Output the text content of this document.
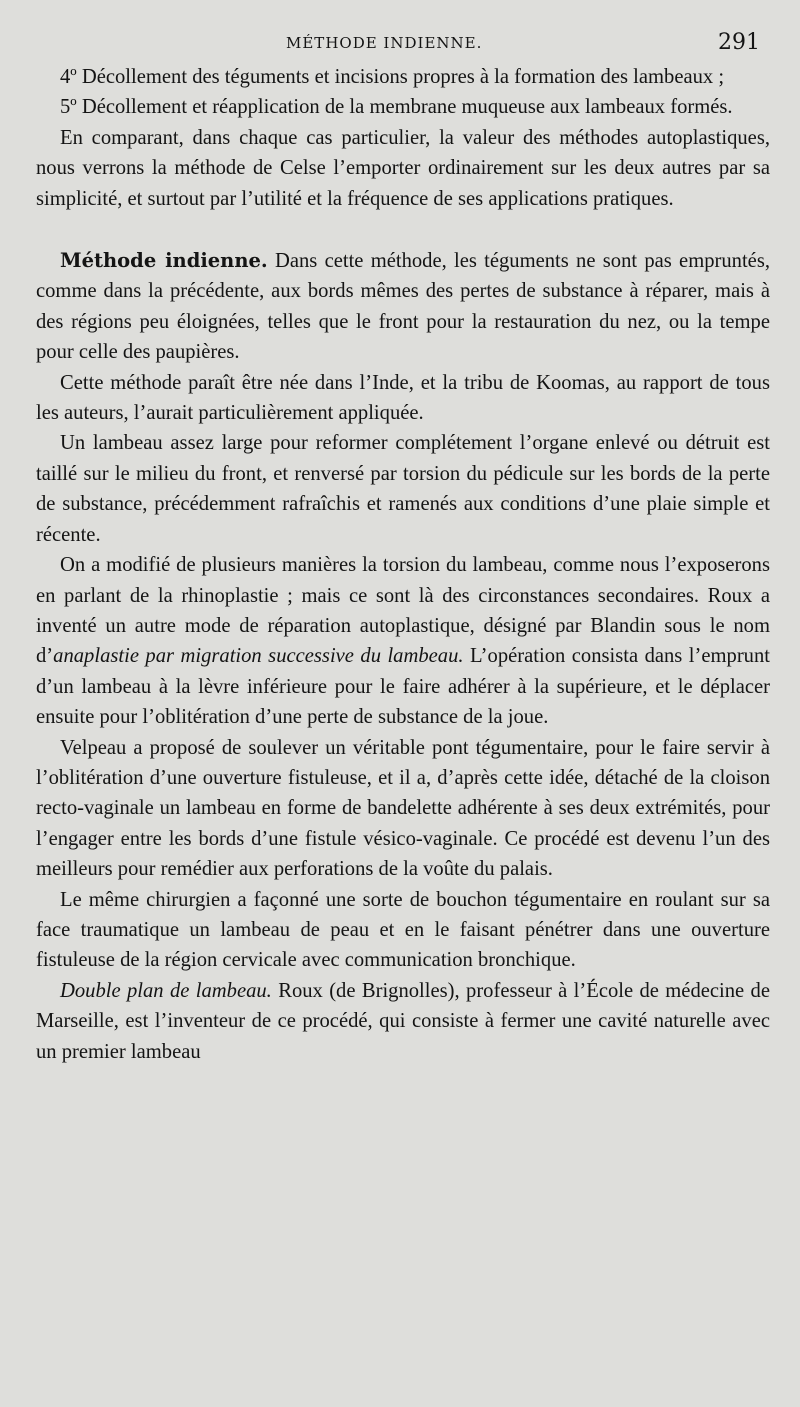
MÉTHODE INDIENNE.	291

4º Décollement des téguments et incisions propres à la formation des lambeaux ;

5º Décollement et réapplication de la membrane muqueuse aux lambeaux formés.

En comparant, dans chaque cas particulier, la valeur des méthodes autoplastiques, nous verrons la méthode de Celse l’emporter ordinairement sur les deux autres par sa simplicité, et surtout par l’utilité et la fréquence de ses applications pratiques.

Méthode indienne. Dans cette méthode, les téguments ne sont pas empruntés, comme dans la précédente, aux bords mêmes des pertes de substance à réparer, mais à des régions peu éloignées, telles que le front pour la restauration du nez, ou la tempe pour celle des paupières.

Cette méthode paraît être née dans l’Inde, et la tribu de Koomas, au rapport de tous les auteurs, l’aurait particulièrement appliquée.

Un lambeau assez large pour reformer complétement l’organe enlevé ou détruit est taillé sur le milieu du front, et renversé par torsion du pédicule sur les bords de la perte de substance, précédemment rafraîchis et ramenés aux conditions d’une plaie simple et récente.

On a modifié de plusieurs manières la torsion du lambeau, comme nous l’exposerons en parlant de la rhinoplastie ; mais ce sont là des circonstances secondaires. Roux a inventé un autre mode de réparation autoplastique, désigné par Blandin sous le nom d’anaplastie par migration successive du lambeau. L’opération consista dans l’emprunt d’un lambeau à la lèvre inférieure pour le faire adhérer à la supérieure, et le déplacer ensuite pour l’oblitération d’une perte de substance de la joue.

Velpeau a proposé de soulever un véritable pont tégumentaire, pour le faire servir à l’oblitération d’une ouverture fistuleuse, et il a, d’après cette idée, détaché de la cloison recto-vaginale un lambeau en forme de bandelette adhérente à ses deux extrémités, pour l’engager entre les bords d’une fistule vésico-vaginale. Ce procédé est devenu l’un des meilleurs pour remédier aux perforations de la voûte du palais.

Le même chirurgien a façonné une sorte de bouchon tégumentaire en roulant sur sa face traumatique un lambeau de peau et en le faisant pénétrer dans une ouverture fistuleuse de la région cervicale avec communication bronchique.

Double plan de lambeau. Roux (de Brignolles), professeur à l’École de médecine de Marseille, est l’inventeur de ce procédé, qui consiste à fermer une cavité naturelle avec un premier lambeau
